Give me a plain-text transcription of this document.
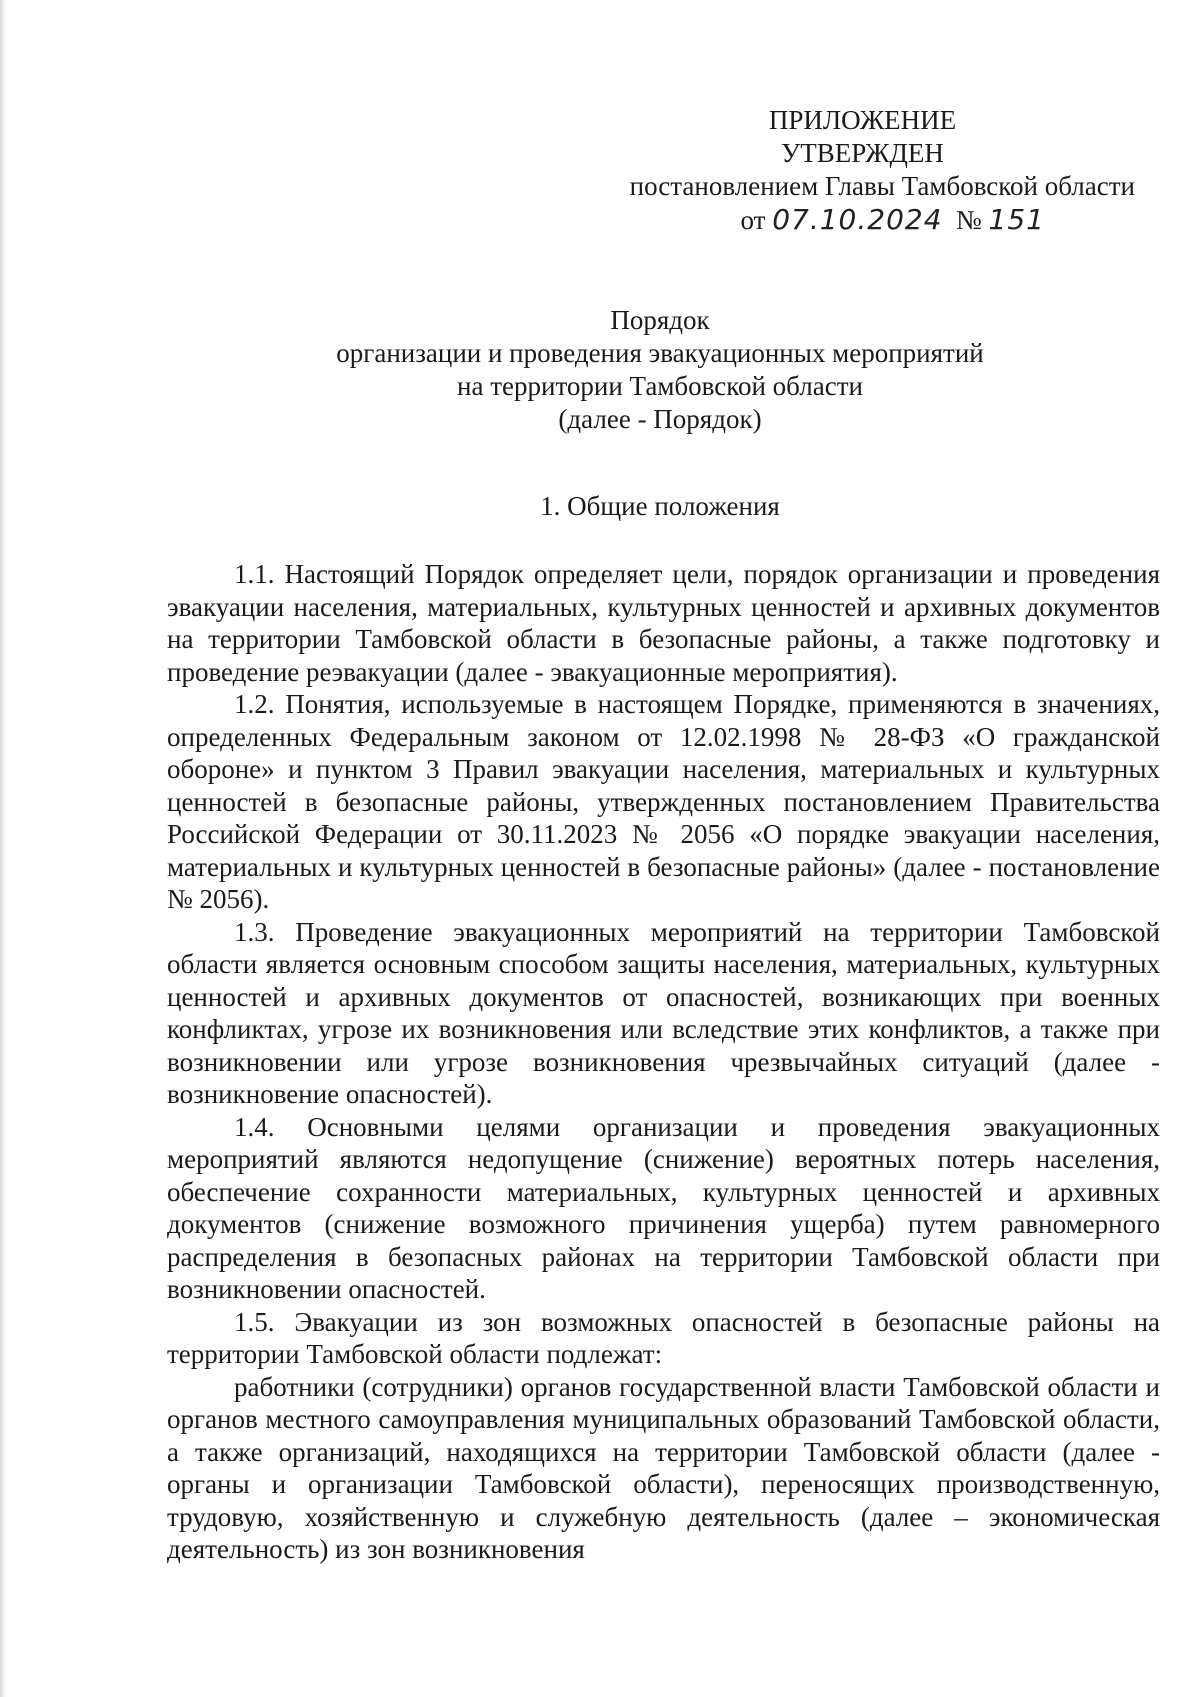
ПРИЛОЖЕНИЕ
УТВЕРЖДЕН
постановлением Главы Тамбовской области
от 07.10.2024 № 151
Порядок
организации и проведения эвакуационных мероприятий
на территории Тамбовской области
(далее - Порядок)
1. Общие положения

1.1. Настоящий Порядок определяет цели, порядок организации и проведения эвакуации населения, материальных, культурных ценностей и архивных документов на территории Тамбовской области в безопасные районы, а также подготовку и проведение реэвакуации (далее - эвакуационные мероприятия).

1.2. Понятия, используемые в настоящем Порядке, применяются в значениях, определенных Федеральным законом от 12.02.1998 № 28-ФЗ «О гражданской обороне» и пунктом 3 Правил эвакуации населения, материальных и культурных ценностей в безопасные районы, утвержденных постановлением Правительства Российской Федерации от 30.11.2023 № 2056 «О порядке эвакуации населения, материальных и культурных ценностей в безопасные районы» (далее - постановление № 2056).

1.3. Проведение эвакуационных мероприятий на территории Тамбовской области является основным способом защиты населения, материальных, культурных ценностей и архивных документов от опасностей, возникающих при военных конфликтах, угрозе их возникновения или вследствие этих конфликтов, а также при возникновении или угрозе возникновения чрезвычайных ситуаций (далее - возникновение опасностей).

1.4. Основными целями организации и проведения эвакуационных мероприятий являются недопущение (снижение) вероятных потерь населения, обеспечение сохранности материальных, культурных ценностей и архивных документов (снижение возможного причинения ущерба) путем равномерного распределения в безопасных районах на территории Тамбовской области при возникновении опасностей.

1.5. Эвакуации из зон возможных опасностей в безопасные районы на территории Тамбовской области подлежат:

работники (сотрудники) органов государственной власти Тамбовской области и органов местного самоуправления муниципальных образований Тамбовской области, а также организаций, находящихся на территории Тамбовской области (далее - органы и организации Тамбовской области), переносящих производственную, трудовую, хозяйственную и служебную деятельность (далее – экономическая деятельность) из зон возникновения
